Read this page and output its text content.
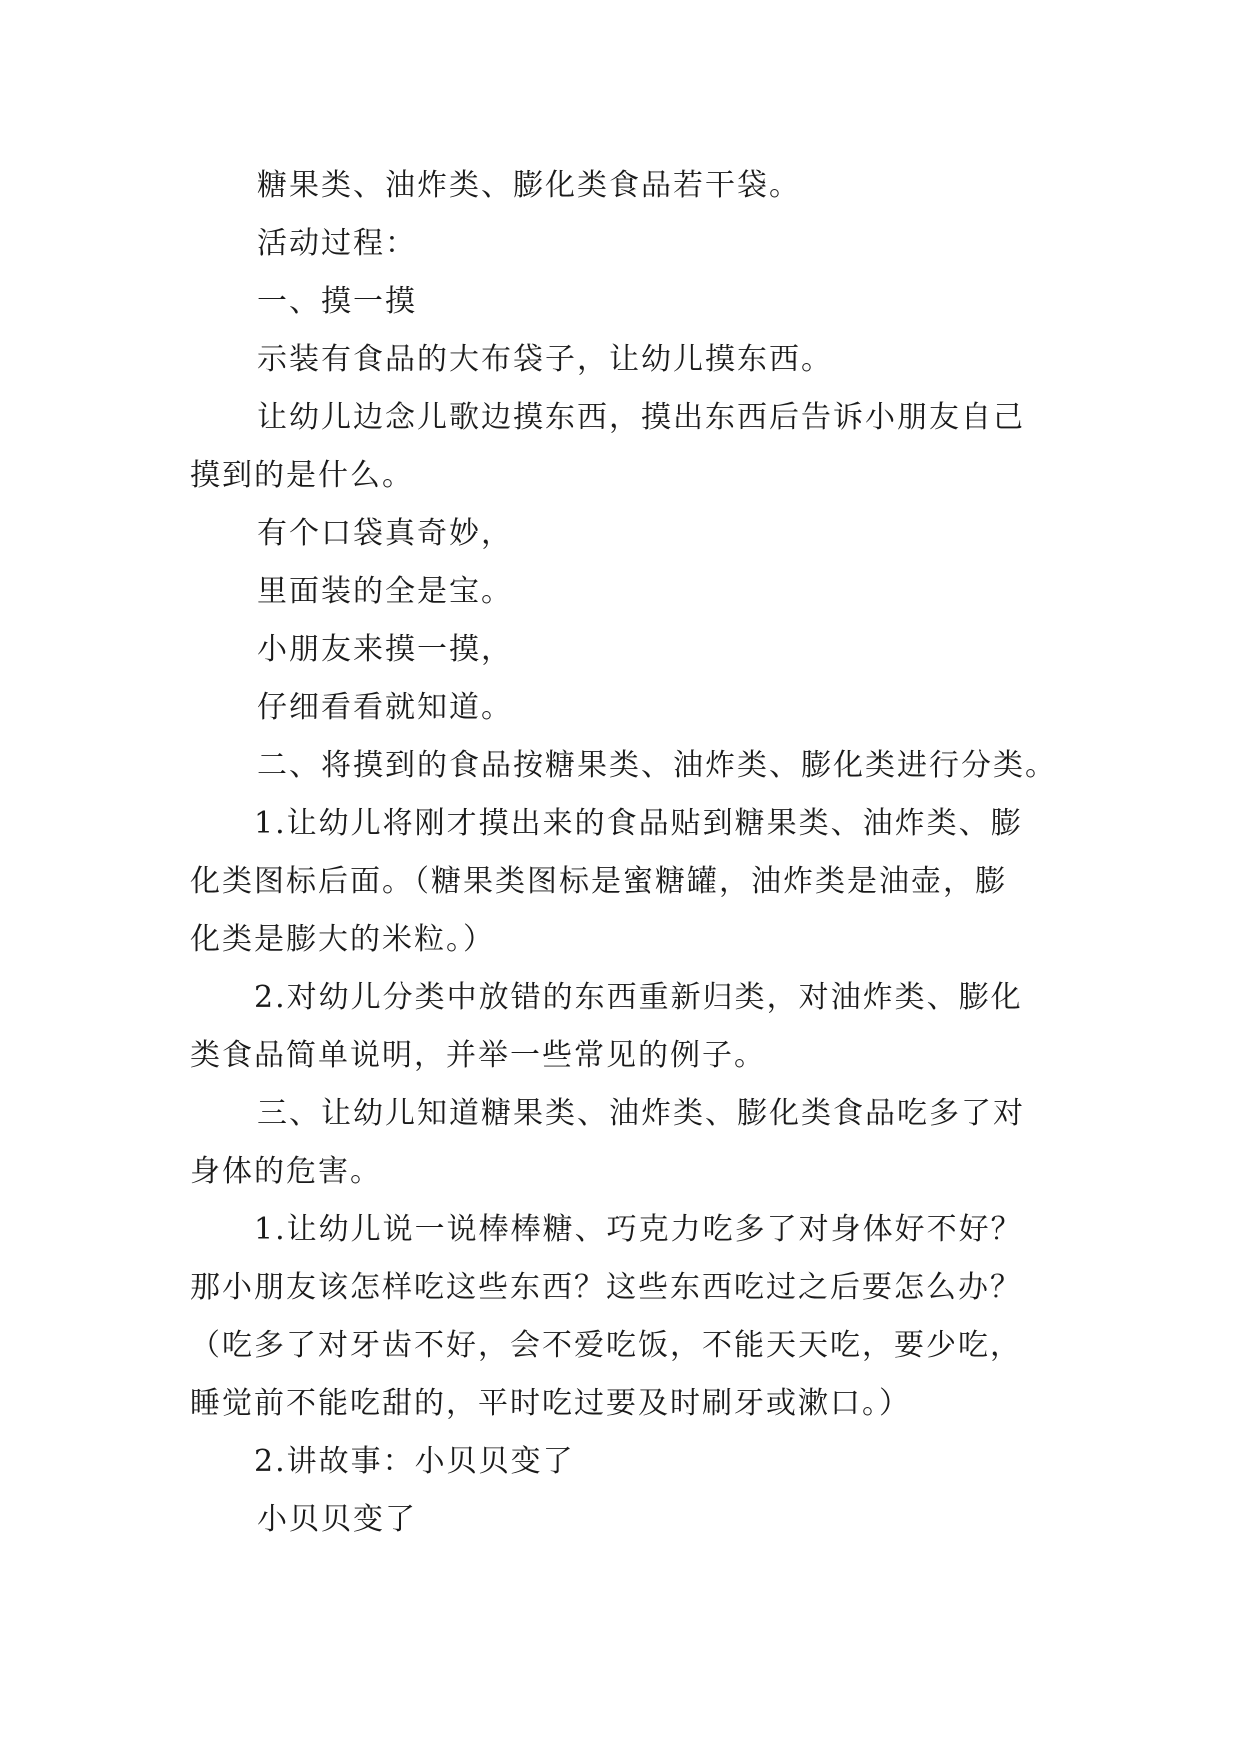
糖果类、油炸类、膨化类食品若干袋。
活动过程：
一、摸一摸
示装有食品的大布袋子，让幼儿摸东西。
让幼儿边念儿歌边摸东西，摸出东西后告诉小朋友自己
摸到的是什么。
有个口袋真奇妙，
里面装的全是宝。
小朋友来摸一摸，
仔细看看就知道。
二、将摸到的食品按糖果类、油炸类、膨化类进行分类。
1.让幼儿将刚才摸出来的食品贴到糖果类、油炸类、膨
化类图标后面。（糖果类图标是蜜糖罐，油炸类是油壶，膨
化类是膨大的米粒。）
2.对幼儿分类中放错的东西重新归类，对油炸类、膨化
类食品简单说明，并举一些常见的例子。
三、让幼儿知道糖果类、油炸类、膨化类食品吃多了对
身体的危害。
1.让幼儿说一说棒棒糖、巧克力吃多了对身体好不好？
那小朋友该怎样吃这些东西？这些东西吃过之后要怎么办？
（吃多了对牙齿不好，会不爱吃饭，不能天天吃，要少吃，
睡觉前不能吃甜的，平时吃过要及时刷牙或漱口。）
2.讲故事：小贝贝变了
小贝贝变了
